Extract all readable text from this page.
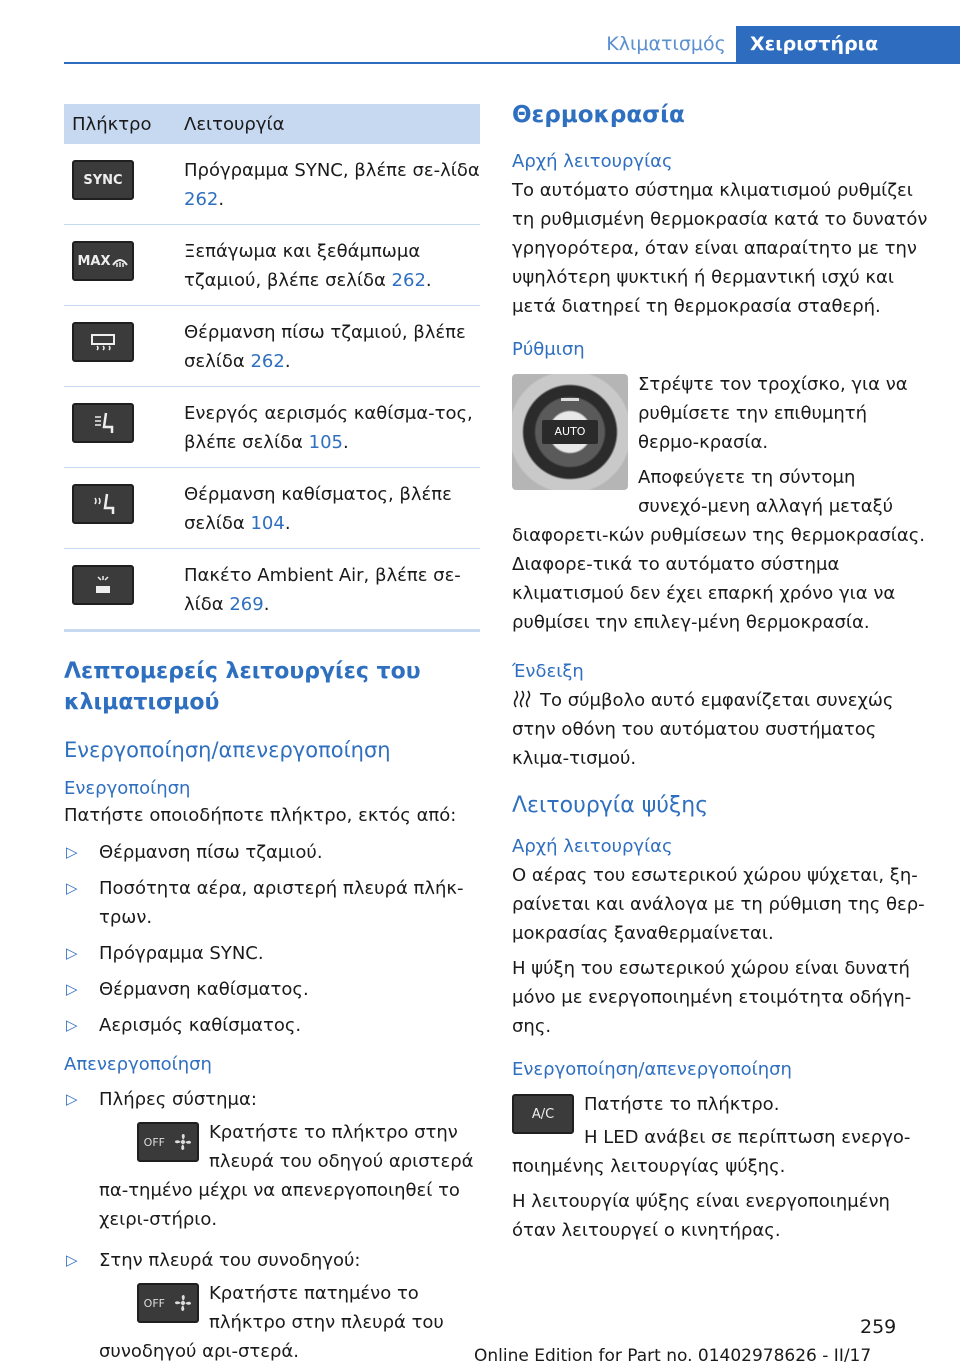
Κλιματισμός	Χειριστήρια
Πλήκτρο	Λειτουργία

SYNC	Πρόγραμμα SYNC, βλέπε σε-λίδα 262.

MAX	Ξεπάγωμα και ξεθάμπωμα τζαμιού, βλέπε σελίδα 262.

	Θέρμανση πίσω τζαμιού, βλέπε σελίδα 262.

	Ενεργός αερισμός καθίσμα-τος, βλέπε σελίδα 105.

	Θέρμανση καθίσματος, βλέπε σελίδα 104.

	Πακέτο Ambient Air, βλέπε σε-λίδα 269.
Λεπτομερείς λειτουργίες του κλιματισμού
Ενεργοποίηση/απενεργοποίηση
Ενεργοποίηση

Πατήστε οποιοδήποτε πλήκτρο, εκτός από:

▷ Θέρμανση πίσω τζαμιού.
▷ Ποσότητα αέρα, αριστερή πλευρά πλήκ-τρων.
▷ Πρόγραμμα SYNC.
▷ Θέρμανση καθίσματος.
▷ Αερισμός καθίσματος.
Απενεργοποίηση
▷ Πλήρες σύστημα:
OFF Κρατήστε το πλήκτρο στην πλευρά του οδηγού αριστερά πα-τημένο μέχρι να απενεργοποιηθεί το χειρι-στήριο.
▷ Στην πλευρά του συνοδηγού:
OFF Κρατήστε πατημένο το πλήκτρο στην πλευρά του συνοδηγού αρι-στερά.
Θερμοκρασία
Αρχή λειτουργίας

Το αυτόματο σύστημα κλιματισμού ρυθμίζει τη ρυθμισμένη θερμοκρασία κατά το δυνατόν γρηγορότερα, όταν είναι απαραίτητο με την υψηλότερη ψυκτική ή θερμαντική ισχύ και μετά διατηρεί τη θερμοκρασία σταθερή.

Ρύθμιση
AUTO

Στρέψτε τον τροχίσκο, για να ρυθμίσετε την επιθυμητή θερμο-κρασία.

Αποφεύγετε τη σύντομη συνεχό-μενη αλλαγή μεταξύ διαφορετι-κών ρυθμίσεων της θερμοκρασίας. Διαφορε-τικά το αυτόματο σύστημα κλιματισμού δεν έχει επαρκή χρόνο για να ρυθμίσει την επιλεγ-μένη θερμοκρασία.

Ένδειξη

Το σύμβολο αυτό εμφανίζεται συνεχώς στην οθόνη του αυτόματου συστήματος κλιμα-τισμού.

Λειτουργία ψύξης
Αρχή λειτουργίας

Ο αέρας του εσωτερικού χώρου ψύχεται, ξη-ραίνεται και ανάλογα με τη ρύθμιση της θερ-μοκρασίας ξαναθερμαίνεται.

Η ψύξη του εσωτερικού χώρου είναι δυνατή μόνο με ενεργοποιημένη ετοιμότητα οδήγη-σης.

Ενεργοποίηση/απενεργοποίηση
A/C	Πατήστε το πλήκτρο.

Η LED ανάβει σε περίπτωση ενεργο-ποιημένης λειτουργίας ψύξης.

Η λειτουργία ψύξης είναι ενεργοποιημένη όταν λειτουργεί ο κινητήρας.

259
Online Edition for Part no. 01402978626 - II/17
